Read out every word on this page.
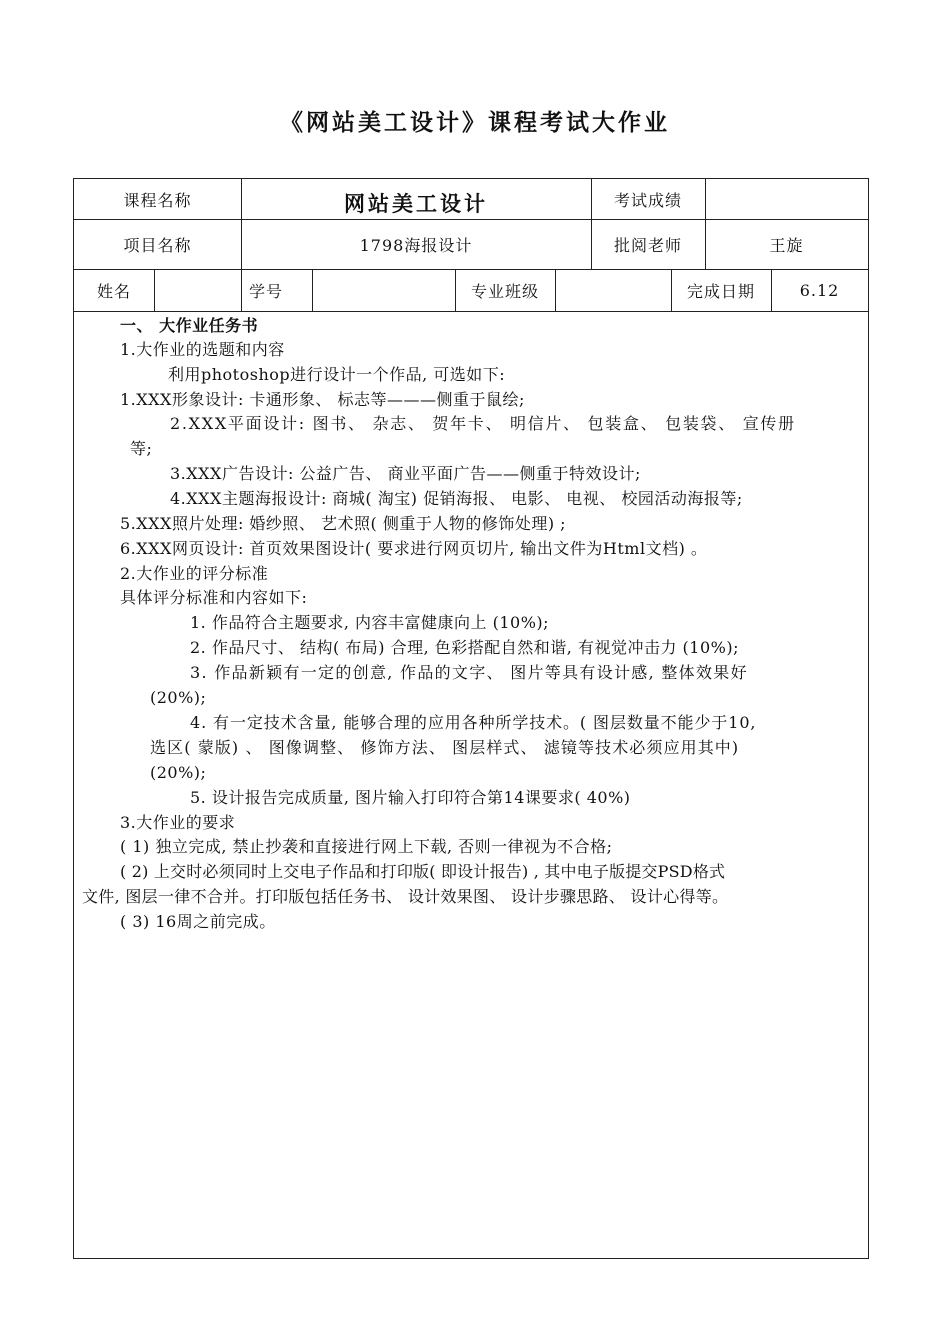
《网站美工设计》课程考试大作业
课程名称	网站美工设计	考试成绩
项目名称	1798海报设计	批阅老师	王旋
姓名	学号	专业班级	完成日期	6.12
一、 大作业任务书
1.大作业的选题和内容
利用photoshop进行设计一个作品, 可选如下:
1.XXX形象设计: 卡通形象、 标志等———侧重于鼠绘;
2.XXX平面设计: 图书、 杂志、 贺年卡、 明信片、 包装盒、 包装袋、 宣传册
等;
3.XXX广告设计: 公益广告、 商业平面广告——侧重于特效设计;
4.XXX主题海报设计: 商城( 淘宝) 促销海报、 电影、 电视、 校园活动海报等;
5.XXX照片处理: 婚纱照、 艺术照( 侧重于人物的修饰处理) ;
6.XXX网页设计: 首页效果图设计( 要求进行网页切片, 输出文件为Html文档) 。
2.大作业的评分标准
具体评分标准和内容如下:
1. 作品符合主题要求, 内容丰富健康向上 (10%);
2. 作品尺寸、 结构( 布局) 合理, 色彩搭配自然和谐, 有视觉冲击力 (10%);
3. 作品新颖有一定的创意, 作品的文字、 图片等具有设计感, 整体效果好
(20%);
4. 有一定技术含量, 能够合理的应用各种所学技术。( 图层数量不能少于10,
选区( 蒙版) 、 图像调整、 修饰方法、 图层样式、 滤镜等技术必须应用其中)
(20%);
5. 设计报告完成质量, 图片输入打印符合第14课要求( 40%)
3.大作业的要求
( 1) 独立完成, 禁止抄袭和直接进行网上下载, 否则一律视为不合格;
( 2) 上交时必须同时上交电子作品和打印版( 即设计报告) , 其中电子版提交PSD格式
文件, 图层一律不合并。打印版包括任务书、 设计效果图、 设计步骤思路、 设计心得等。
( 3) 16周之前完成。
